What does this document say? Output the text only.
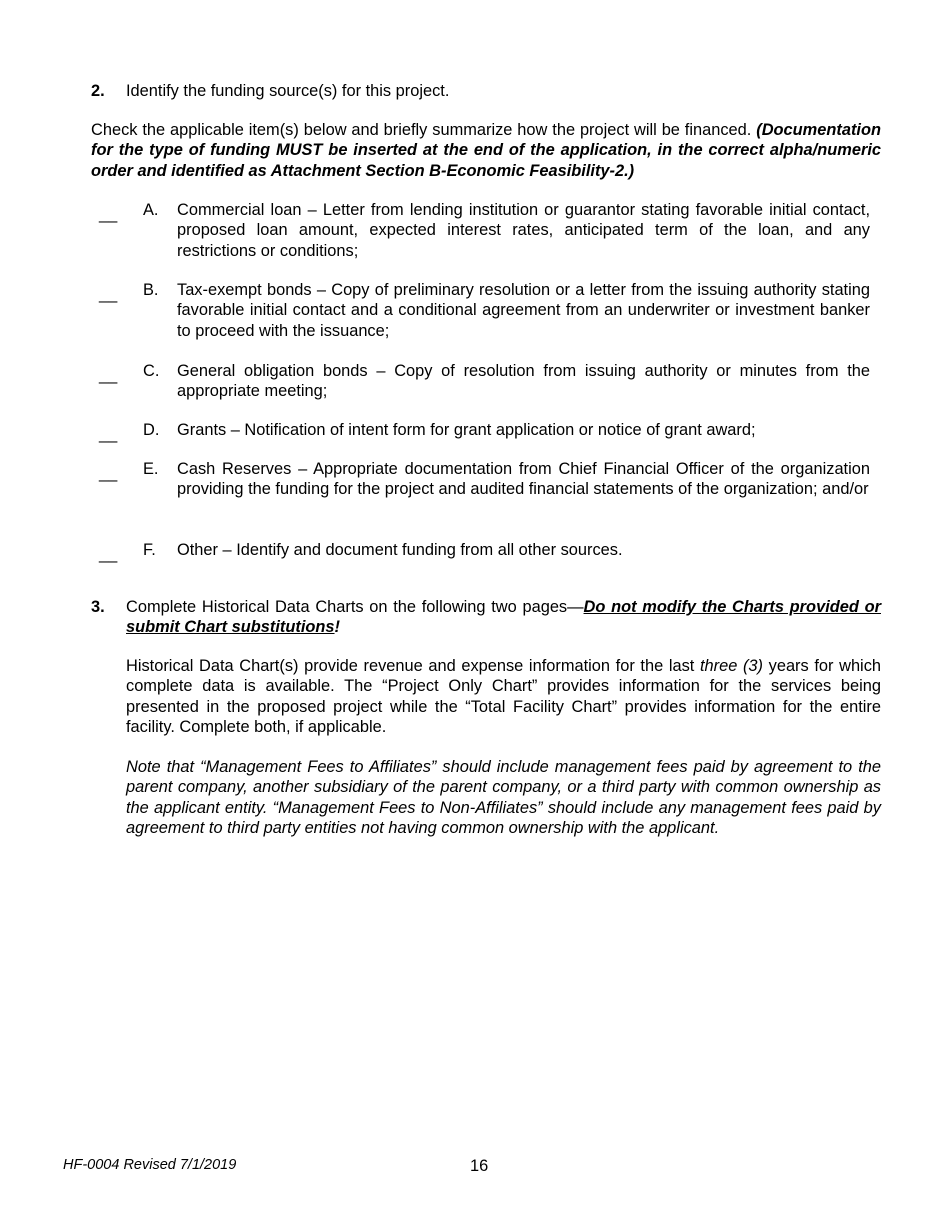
2. Identify the funding source(s) for this project.
Check the applicable item(s) below and briefly summarize how the project will be financed. (Documentation for the type of funding MUST be inserted at the end of the application, in the correct alpha/numeric order and identified as Attachment Section B-Economic Feasibility-2.)
__ A. Commercial loan – Letter from lending institution or guarantor stating favorable initial contact, proposed loan amount, expected interest rates, anticipated term of the loan, and any restrictions or conditions;
__ B. Tax-exempt bonds – Copy of preliminary resolution or a letter from the issuing authority stating favorable initial contact and a conditional agreement from an underwriter or investment banker to proceed with the issuance;
__ C. General obligation bonds – Copy of resolution from issuing authority or minutes from the appropriate meeting;
__ D. Grants – Notification of intent form for grant application or notice of grant award;
__ E. Cash Reserves – Appropriate documentation from Chief Financial Officer of the organization providing the funding for the project and audited financial statements of the organization; and/or
__ F. Other – Identify and document funding from all other sources.
3. Complete Historical Data Charts on the following two pages—Do not modify the Charts provided or submit Chart substitutions!
Historical Data Chart(s) provide revenue and expense information for the last three (3) years for which complete data is available. The “Project Only Chart” provides information for the services being presented in the proposed project while the “Total Facility Chart” provides information for the entire facility. Complete both, if applicable.
Note that “Management Fees to Affiliates” should include management fees paid by agreement to the parent company, another subsidiary of the parent company, or a third party with common ownership as the applicant entity. “Management Fees to Non-Affiliates” should include any management fees paid by agreement to third party entities not having common ownership with the applicant.
HF-0004 Revised 7/1/2019	16
